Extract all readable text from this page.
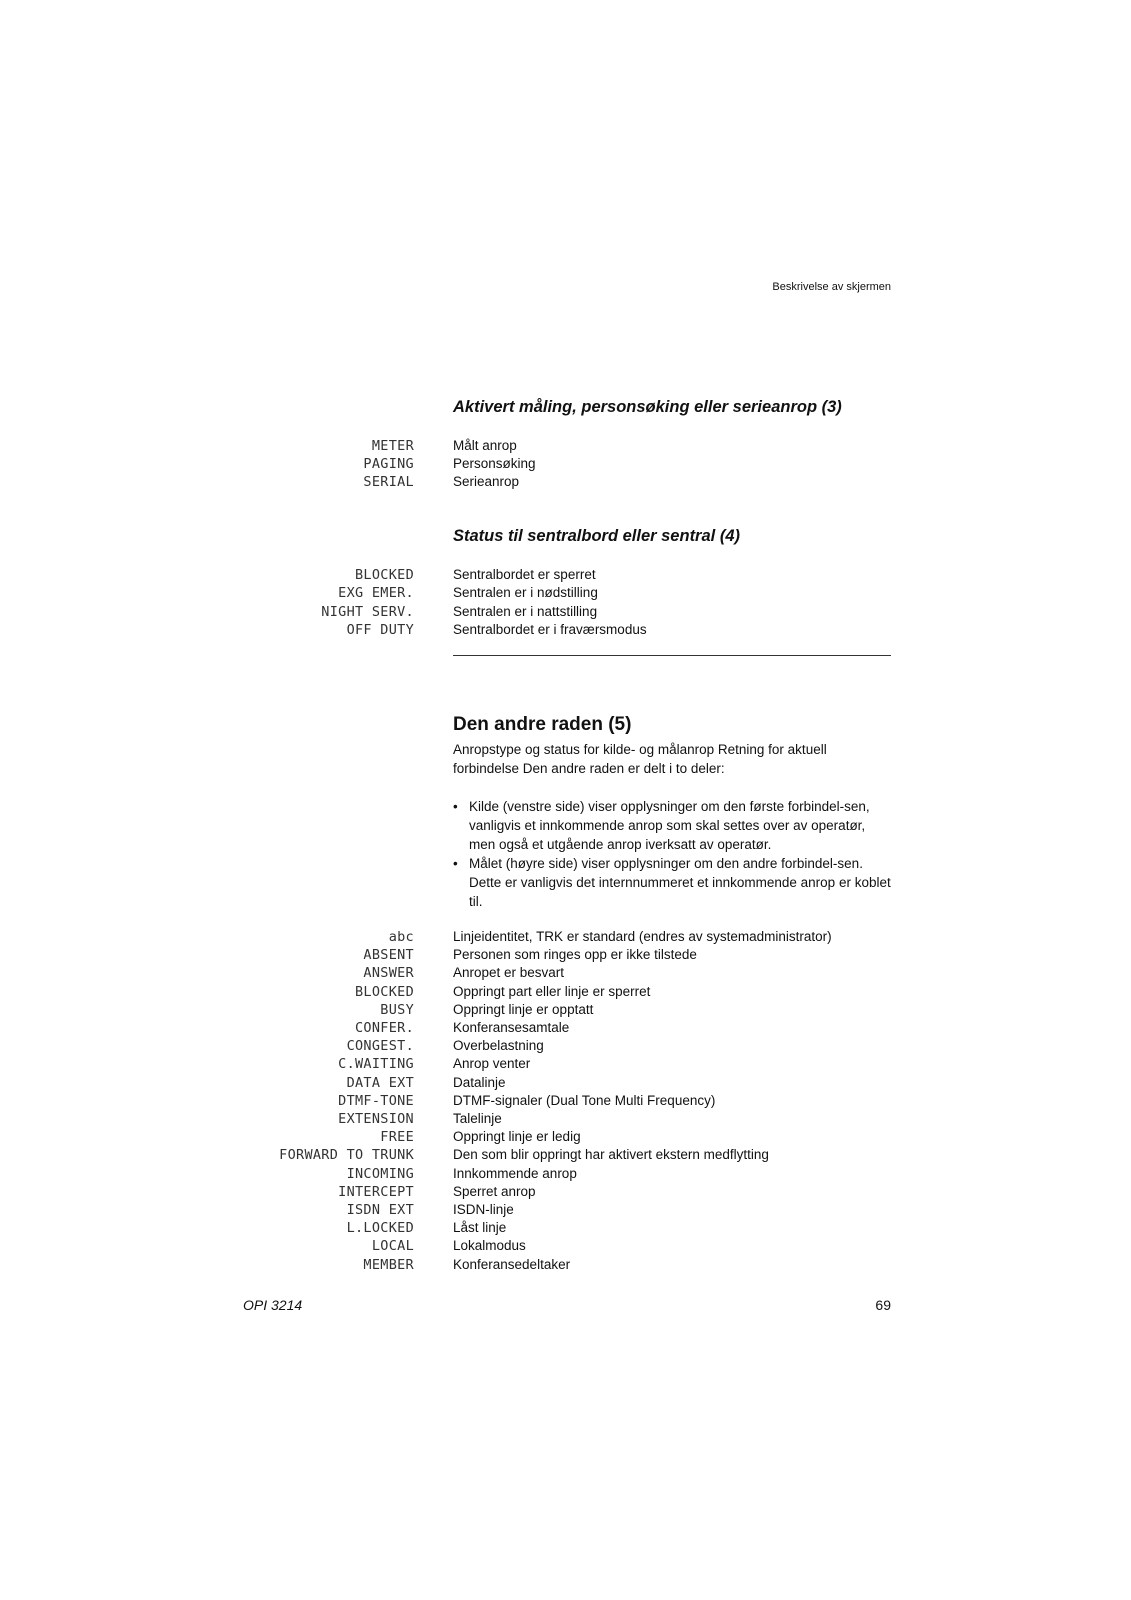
Beskrivelse av skjermen
Aktivert måling, personsøking eller serieanrop (3)
METER	Målt anrop
PAGING	Personsøking
SERIAL	Serieanrop
Status til sentralbord eller sentral (4)
BLOCKED	Sentralbordet er sperret
EXG EMER.	Sentralen er i nødstilling
NIGHT SERV.	Sentralen er i nattstilling
OFF DUTY	Sentralbordet er i fraværsmodus
Den andre raden (5)
Anropstype og status for kilde- og målanrop Retning for aktuell forbindelse Den andre raden er delt i to deler:
• Kilde (venstre side) viser opplysninger om den første forbindel-sen, vanligvis et innkommende anrop som skal settes over av operatør, men også et utgående anrop iverksatt av operatør.
• Målet (høyre side) viser opplysninger om den andre forbindel-sen. Dette er vanligvis det internnummeret et innkommende anrop er koblet til.
abc	Linjeidentitet, TRK er standard (endres av systemadministrator)
ABSENT	Personen som ringes opp er ikke tilstede
ANSWER	Anropet er besvart
BLOCKED	Oppringt part eller linje er sperret
BUSY	Oppringt linje er opptatt
CONFER.	Konferansesamtale
CONGEST.	Overbelastning
C.WAITING	Anrop venter
DATA EXT	Datalinje
DTMF-TONE	DTMF-signaler (Dual Tone Multi Frequency)
EXTENSION	Talelinje
FREE	Oppringt linje er ledig
FORWARD TO TRUNK	Den som blir oppringt har aktivert ekstern medflytting
INCOMING	Innkommende anrop
INTERCEPT	Sperret anrop
ISDN EXT	ISDN-linje
L.LOCKED	Låst linje
LOCAL	Lokalmodus
MEMBER	Konferansedeltaker
OPI 3214	69
